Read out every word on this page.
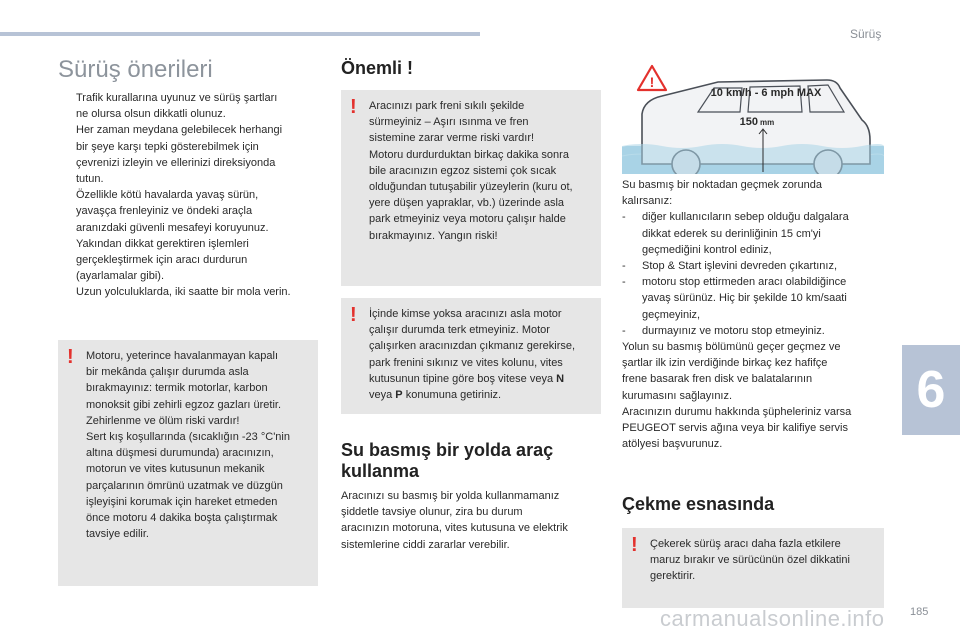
Sürüş
6
Sürüş önerileri
Trafik kurallarına uyunuz ve sürüş şartları
ne olursa olsun dikkatli olunuz.
Her zaman meydana gelebilecek herhangi
bir şeye karşı tepki gösterebilmek için
çevrenizi izleyin ve ellerinizi direksiyonda
tutun.
Özellikle kötü havalarda yavaş sürün,
yavaşça frenleyiniz ve öndeki araçla
aranızdaki güvenli mesafeyi koruyunuz.
Yakından dikkat gerektiren işlemleri
gerçekleştirmek için aracı durdurun
(ayarlamalar gibi).
Uzun yolculuklarda, iki saatte bir mola verin.
! Motoru, yeterince havalanmayan kapalı
bir mekânda çalışır durumda asla
bırakmayınız: termik motorlar, karbon
monoksit gibi zehirli egzoz gazları üretir.
Zehirlenme ve ölüm riski vardır!
Sert kış koşullarında (sıcaklığın -23 °C'nin
altına düşmesi durumunda) aracınızın,
motorun ve vites kutusunun mekanik
parçalarının ömrünü uzatmak ve düzgün
işleyişini korumak için hareket etmeden
önce motoru 4 dakika boşta çalıştırmak
tavsiye edilir.

Önemli !
! Aracınızı park freni sıkılı şekilde
sürmeyiniz – Aşırı ısınma ve fren
sistemine zarar verme riski vardır!
Motoru durdurduktan birkaç dakika sonra
bile aracınızın egzoz sistemi çok sıcak
olduğundan tutuşabilir yüzeylerin (kuru ot,
yere düşen yapraklar, vb.) üzerinde asla
park etmeyiniz veya motoru çalışır halde
bırakmayınız. Yangın riski!

! İçinde kimse yoksa aracınızı asla motor
çalışır durumda terk etmeyiniz. Motor
çalışırken aracınızdan çıkmanız gerekirse,
park frenini sıkınız ve vites kolunu, vites
kutusunun tipine göre boş vitese veya N
veya P konumuna getiriniz.

Su basmış bir yolda araç
kullanma

Aracınızı su basmış bir yolda kullanmamanız
şiddetle tavsiye olunur, zira bu durum
aracınızın motoruna, vites kutusuna ve elektrik
sistemlerine ciddi zararlar verebilir.

!
10 km/h - 6 mph MAX
150 mm

Su basmış bir noktadan geçmek zorunda
kalırsanız:

- diğer kullanıcıların sebep olduğu dalgalara
dikkat ederek su derinliğinin 15 cm'yi
geçmediğini kontrol ediniz,
- Stop & Start işlevini devreden çıkartınız,
- motoru stop ettirmeden aracı olabildiğince
yavaş sürünüz. Hiç bir şekilde 10 km/saati
geçmeyiniz,
- durmayınız ve motoru stop etmeyiniz.

Yolun su basmış bölümünü geçer geçmez ve
şartlar ilk izin verdiğinde birkaç kez hafifçe
frene basarak fren disk ve balatalarının
kurumasını sağlayınız.
Aracınızın durumu hakkında şüpheleriniz varsa
PEUGEOT servis ağına veya bir kalifiye servis
atölyesi başvurunuz.

Çekme esnasında
! Çekerek sürüş aracı daha fazla etkilere
maruz bırakır ve sürücünün özel dikkatini
gerektirir.

carmanualsonline.info 185
